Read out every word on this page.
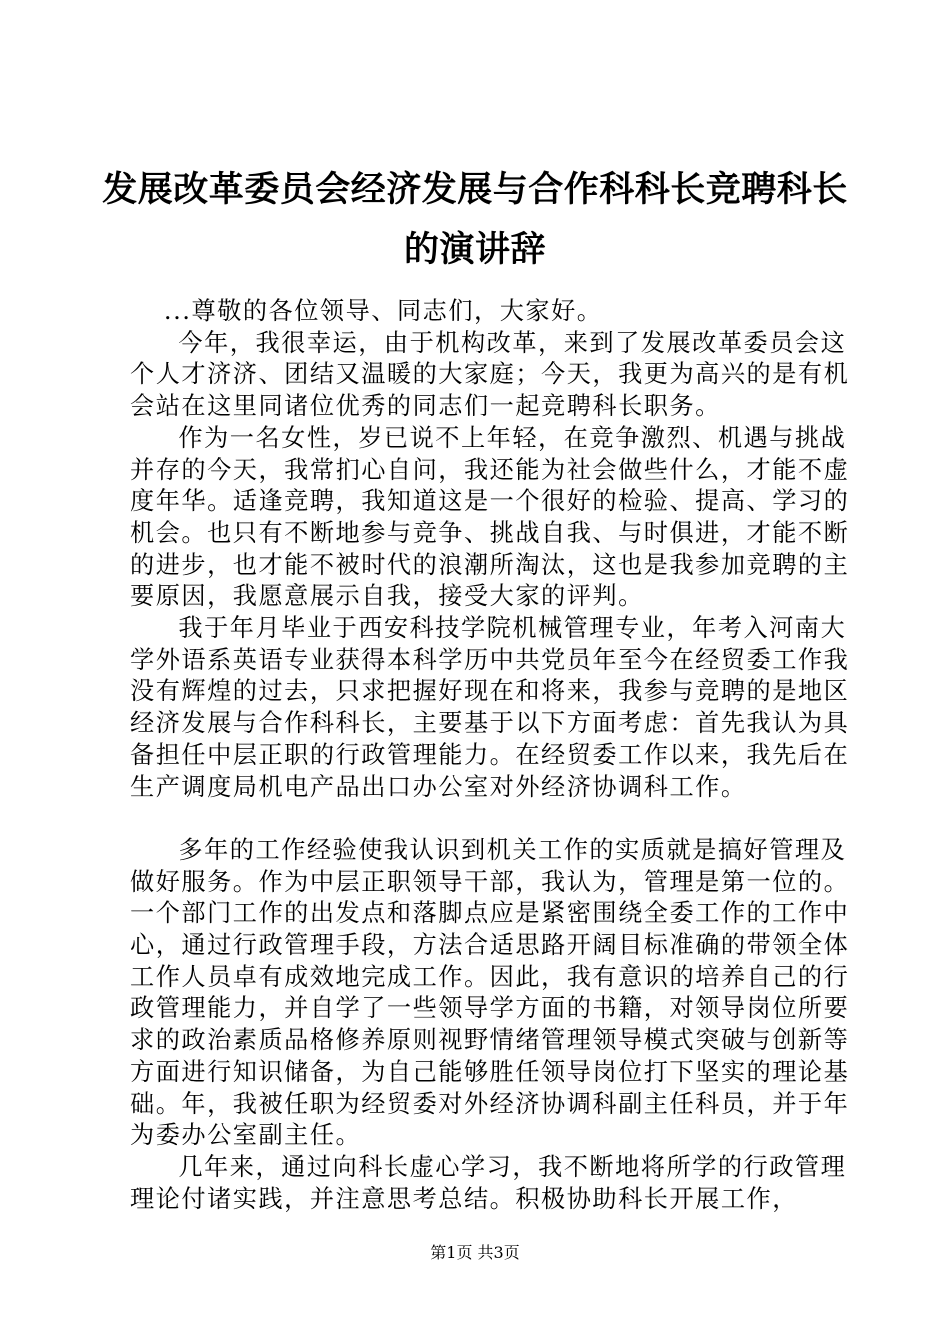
发展改革委员会经济发展与合作科科长竞聘科长的演讲辞

...尊敬的各位领导、同志们，大家好。

今年，我很幸运，由于机构改革，来到了发展改革委员会这个人才济济、团结又温暖的大家庭；今天，我更为高兴的是有机会站在这里同诸位优秀的同志们一起竞聘科长职务。

作为一名女性，岁已说不上年轻，在竞争激烈、机遇与挑战并存的今天，我常扪心自问，我还能为社会做些什么，才能不虚度年华。适逢竞聘，我知道这是一个很好的检验、提高、学习的机会。也只有不断地参与竞争、挑战自我、与时俱进，才能不断的进步，也才能不被时代的浪潮所淘汰，这也是我参加竞聘的主要原因，我愿意展示自我，接受大家的评判。

我于年月毕业于西安科技学院机械管理专业，年考入河南大学外语系英语专业获得本科学历中共党员年至今在经贸委工作我没有辉煌的过去，只求把握好现在和将来，我参与竞聘的是地区经济发展与合作科科长，主要基于以下方面考虑：首先我认为具备担任中层正职的行政管理能力。在经贸委工作以来，我先后在生产调度局机电产品出口办公室对外经济协调科工作。

多年的工作经验使我认识到机关工作的实质就是搞好管理及做好服务。作为中层正职领导干部，我认为，管理是第一位的。一个部门工作的出发点和落脚点应是紧密围绕全委工作的工作中心，通过行政管理手段，方法合适思路开阔目标准确的带领全体工作人员卓有成效地完成工作。因此，我有意识的培养自己的行政管理能力，并自学了一些领导学方面的书籍，对领导岗位所要求的政治素质品格修养原则视野情绪管理领导模式突破与创新等方面进行知识储备，为自己能够胜任领导岗位打下坚实的理论基础。年，我被任职为经贸委对外经济协调科副主任科员，并于年为委办公室副主任。

几年来，通过向科长虚心学习，我不断地将所学的行政管理理论付诸实践，并注意思考总结。积极协助科长开展工作，

第1页 共3页
